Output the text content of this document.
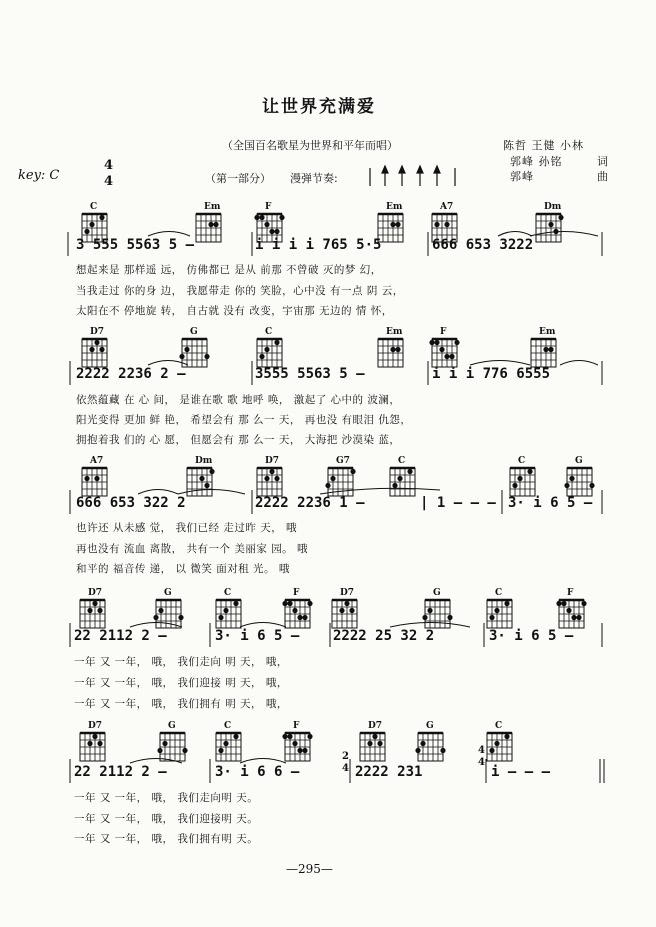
让世界充满爱
（全国百名歌星为世界和平年而唱）	陈哲 王健 小林
郭峰 孙铭	词
郭峰	曲
key: C
4
4	（第一部分） 漫弹节奏:
3 555 5563 5 —	i i i i 765 5·5	666 653 3222
想起来是 那样遥 远， 仿佛都已 是从 前那 不曾破 灭的梦 幻，
当我走过 你的身 边， 我愿带走 你的 笑脸，心中没 有一点 阴 云，
太阳在不 停地旋 转， 自古就 没有 改变，宇宙那 无边的 情 怀，
2222 2236 2 —	3555 5563 5 —	i i i 776 6555
依然蕴藏 在 心 间， 是谁在歌 歌 地呼 唤， 激起了 心中的 波澜，
阳光变得 更加 鲜 艳， 希望会有 那 么一 天， 再也没 有眼泪 仇怨，
拥抱着我 们的 心 愿， 但愿会有 那 么一 天， 大海把 沙漠染 蓝，
666 653 322 2	2222 2236 1 —	| 1 — — — 3· i 6 5 —
也许还 从未感 觉， 我们已经 走过昨 天， 哦
再也没有 流血 离散， 共有一个 美丽家 园。 哦
和平的 福音传 递， 以 微笑 面对租 光。 哦
22 2112 2 —	3· i 6 5 — 2222 25 32 2	3· i 6 5 —
一年 又 一年， 哦， 我们走向 明 天， 哦，
一年 又 一年， 哦， 我们迎接 明 天， 哦，
一年 又 一年， 哦， 我们拥有 明 天， 哦，
22 2112 2 —	3· i 6 6 —
2
4 2222 231
4
4
i — — —
一年 又 一年， 哦， 我们走向明 天。
一年 又 一年， 哦， 我们迎接明 天。
一年 又 一年， 哦， 我们拥有明 天。
—295—
C	Em	F	Em	A7	Dm
D7	G	C	Em	F	Em
A7	Dm	D7	G7	C	C	G
D7	G	C	F	D7	G	C	F
D7	G	C	F	D7	G	C
